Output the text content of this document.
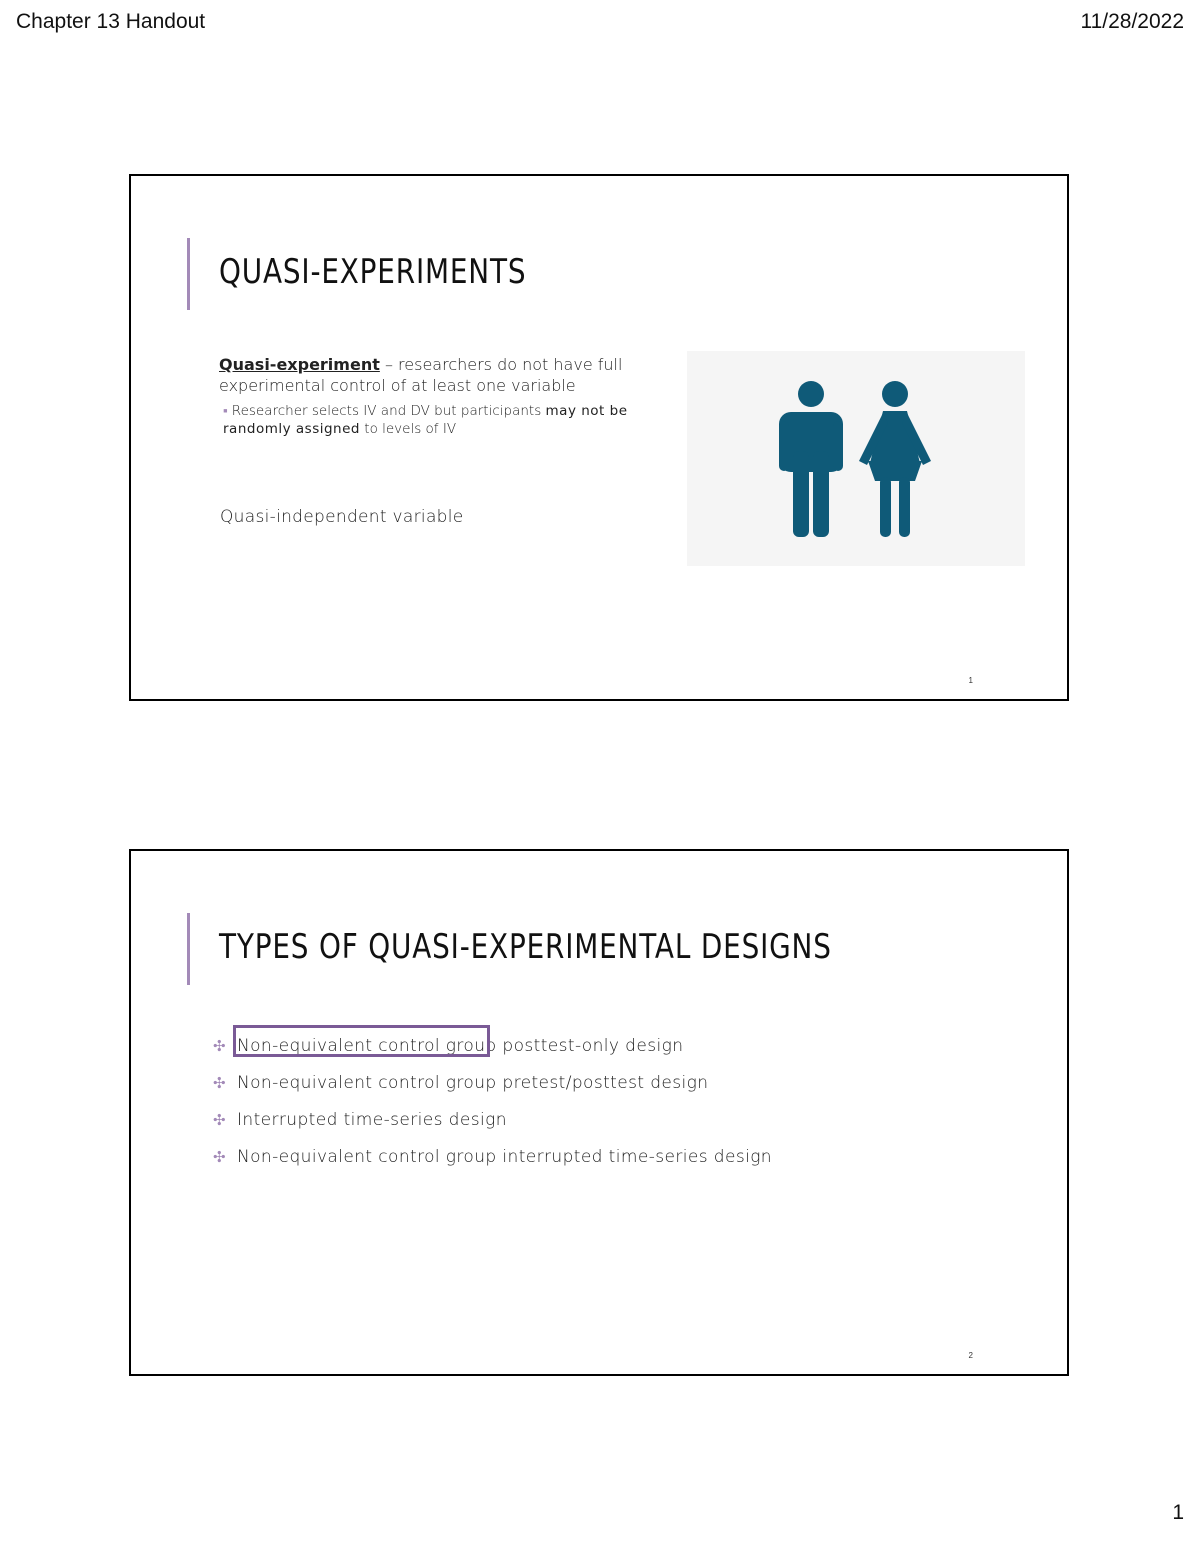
Chapter 13 Handout	11/28/2022
QUASI-EXPERIMENTS
Quasi-experiment – researchers do not have full experimental control of at least one variable
▪ Researcher selects IV and DV but participants may not be randomly assigned to levels of IV
Quasi-independent variable
1
TYPES OF QUASI-EXPERIMENTAL DESIGNS
✣ Non-equivalent control group posttest-only design
✣ Non-equivalent control group pretest/posttest design
✣ Interrupted time-series design
✣ Non-equivalent control group interrupted time-series design
2
1
